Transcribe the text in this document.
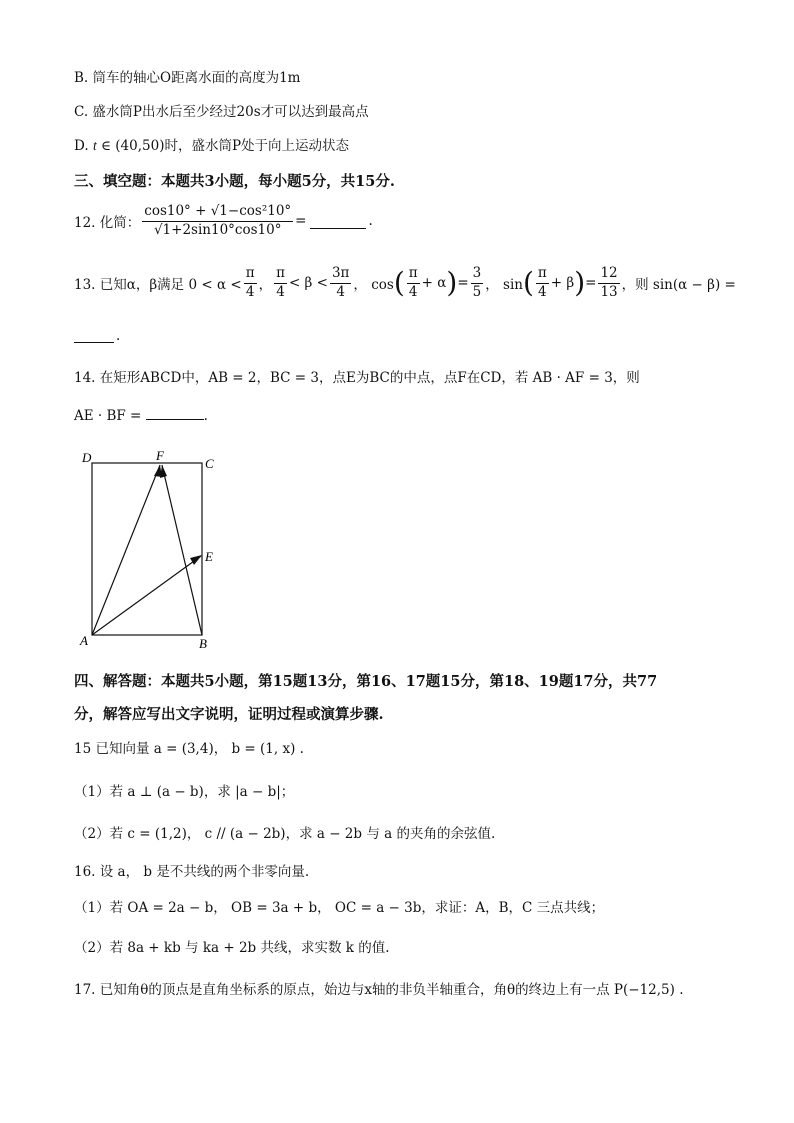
B. 筒车的轴心O距离水面的高度为1m
C. 盛水筒P出水后至少经过20s才可以达到最高点
D. t ∈ (40,50)时，盛水筒P处于向上运动状态
三、填空题：本题共3小题，每小题5分，共15分.
12. 化简： $\frac{\text{cos10° + √1−cos²10°}}{√1+2\sin 10^\circ\cos 10^\circ}$ =	.
13. 已知α，β满足 $0 < \alpha < \frac{\pi}{4}$ ， $\frac{\pi}{4} < \beta < \frac{3\pi}{4}$ ， cos ( $\frac{\pi}{4} + \alpha$ ) = $\frac{3}{5}$ ， sin ( $\frac{\pi}{4} + \beta$ ) = $\frac{12}{13}$ ，则 sin(α − β) =
.
14. 在矩形ABCD中，AB = 2，BC = 3，点E为BC的中点，点F在CD，若 AB · AF = 3，则
AE · BF =	.
D	F
C
E
A	B
四、解答题：本题共5小题，第15题13分，第16、17题15分，第18、19题17分，共77
分，解答应写出文字说明，证明过程或演算步骤.
15 已知向量 a = (3,4)， b = (1, x) .
（1）若 a ⊥ (a − b)，求 |a − b|；
（2）若 c = (1,2)， c // (a − 2b)，求 a − 2b 与 a 的夹角的余弦值.
16. 设 a， b 是不共线的两个非零向量.
（1）若 OA = 2a − b， OB = 3a + b， OC = a − 3b，求证：A，B，C 三点共线；
（2）若 8a + kb 与 ka + 2b 共线，求实数 k 的值.
17. 已知角θ的顶点是直角坐标系的原点，始边与x轴的非负半轴重合，角θ的终边上有一点 P(−12,5) .
